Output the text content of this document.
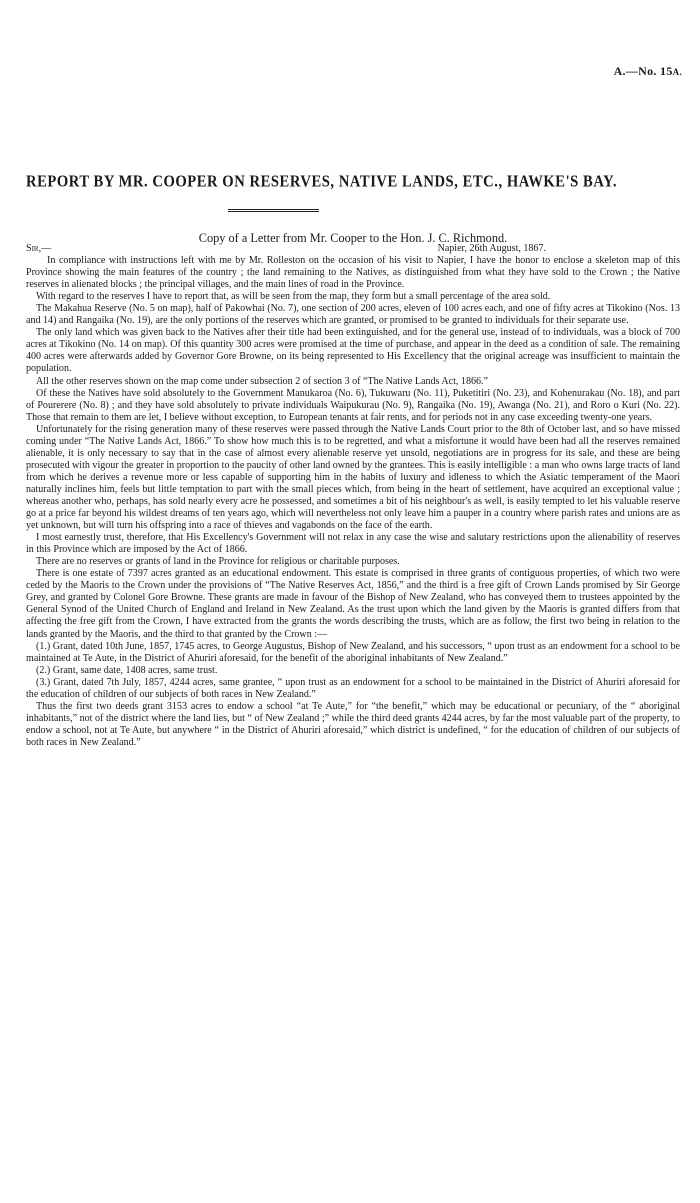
A.—No. 15A.
REPORT BY MR. COOPER ON RESERVES, NATIVE LANDS, ETC., HAWKE'S BAY.
Copy of a Letter from Mr. Cooper to the Hon. J. C. Richmond.
Sir,—	Napier, 26th August, 1867.

In compliance with instructions left with me by Mr. Rolleston on the occasion of his visit to Napier, I have the honor to enclose a skeleton map of this Province showing the main features of the country ; the land remaining to the Natives, as distinguished from what they have sold to the Crown ; the Native reserves in alienated blocks ; the principal villages, and the main lines of road in the Province.

With regard to the reserves I have to report that, as will be seen from the map, they form but a small percentage of the area sold.

The Makahua Reserve (No. 5 on map), half of Pakowhai (No. 7), one section of 200 acres, eleven of 100 acres each, and one of fifty acres at Tikokino (Nos. 13 and 14) and Rangaika (No. 19), are the only portions of the reserves which are granted, or promised to be granted to individuals for their separate use.

The only land which was given back to the Natives after their title had been extinguished, and for the general use, instead of to individuals, was a block of 700 acres at Tikokino (No. 14 on map). Of this quantity 300 acres were promised at the time of purchase, and appear in the deed as a condition of sale. The remaining 400 acres were afterwards added by Governor Gore Browne, on its being represented to His Excellency that the original acreage was insufficient to maintain the population.

All the other reserves shown on the map come under subsection 2 of section 3 of “The Native Lands Act, 1866.”

Of these the Natives have sold absolutely to the Government Manukaroa (No. 6), Tukuwaru (No. 11), Puketitiri (No. 23), and Kohenurakau (No. 18), and part of Pourerere (No. 8) ; and they have sold absolutely to private individuals Waipukurau (No. 9), Rangaika (No. 19), Awanga (No. 21), and Roro o Kuri (No. 22). Those that remain to them are let, I believe without exception, to European tenants at fair rents, and for periods not in any case exceeding twenty-one years.

Unfortunately for the rising generation many of these reserves were passed through the Native Lands Court prior to the 8th of October last, and so have missed coming under “The Native Lands Act, 1866.” To show how much this is to be regretted, and what a misfortune it would have been had all the reserves remained alienable, it is only necessary to say that in the case of almost every alienable reserve yet unsold, negotiations are in progress for its sale, and these are being prosecuted with vigour the greater in proportion to the paucity of other land owned by the grantees. This is easily intelligible : a man who owns large tracts of land from which he derives a revenue more or less capable of supporting him in the habits of luxury and idleness to which the Asiatic temperament of the Maori naturally inclines him, feels but little temptation to part with the small pieces which, from being in the heart of settlement, have acquired an exceptional value ; whereas another who, perhaps, has sold nearly every acre he possessed, and sometimes a bit of his neighbour's as well, is easily tempted to let his valuable reserve go at a price far beyond his wildest dreams of ten years ago, which will nevertheless not only leave him a pauper in a country where parish rates and unions are as yet unknown, but will turn his offspring into a race of thieves and vagabonds on the face of the earth.

I most earnestly trust, therefore, that His Excellency's Government will not relax in any case the wise and salutary restrictions upon the alienability of reserves in this Province which are imposed by the Act of 1866.

There are no reserves or grants of land in the Province for religious or charitable purposes.

There is one estate of 7397 acres granted as an educational endowment. This estate is comprised in three grants of contiguous properties, of which two were ceded by the Maoris to the Crown under the provisions of “The Native Reserves Act, 1856,” and the third is a free gift of Crown Lands promised by Sir George Grey, and granted by Colonel Gore Browne. These grants are made in favour of the Bishop of New Zealand, who has conveyed them to trustees appointed by the General Synod of the United Church of England and Ireland in New Zealand. As the trust upon which the land given by the Maoris is granted differs from that affecting the free gift from the Crown, I have extracted from the grants the words describing the trusts, which are as follow, the first two being in relation to the lands granted by the Maoris, and the third to that granted by the Crown :—

(1.) Grant, dated 10th June, 1857, 1745 acres, to George Augustus, Bishop of New Zealand, and his successors, “ upon trust as an endowment for a school to be maintained at Te Aute, in the District of Ahuriri aforesaid, for the benefit of the aboriginal inhabitants of New Zealand.”

(2.) Grant, same date, 1408 acres, same trust.

(3.) Grant, dated 7th July, 1857, 4244 acres, same grantee, “ upon trust as an endowment for a school to be maintained in the District of Ahuriri aforesaid for the education of children of our subjects of both races in New Zealand.”

Thus the first two deeds grant 3153 acres to endow a school “at Te Aute,” for “the benefit,” which may be educational or pecuniary, of the “ aboriginal inhabitants,” not of the district where the land lies, but “ of New Zealand ;” while the third deed grants 4244 acres, by far the most valuable part of the property, to endow a school, not at Te Aute, but anywhere “ in the District of Ahuriri aforesaid,” which district is undefined, “ for the education of children of our subjects of both races in New Zealand.”
